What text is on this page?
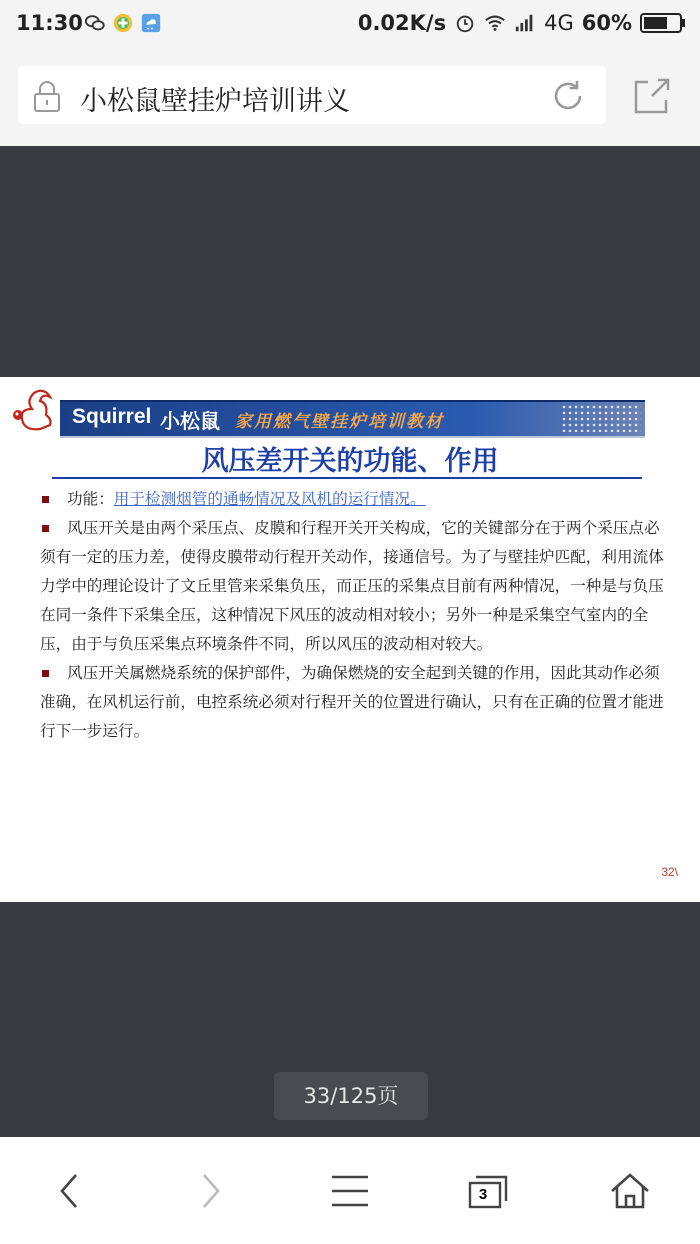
11:30	0.02K/s	4G 60%
小松鼠壁挂炉培训讲义
Squirrel 小松鼠 家用燃气壁挂炉培训教材
风压差开关的功能、作用

功能：用于检测烟管的通畅情况及风机的运行情况。

风压开关是由两个采压点、皮膜和行程开关开关构成，它的关键部分在于两个采压点必须有一定的压力差，使得皮膜带动行程开关动作，接通信号。为了与壁挂炉匹配，利用流体力学中的理论设计了文丘里管来采集负压，而正压的采集点目前有两种情况，一种是与负压在同一条件下采集全压，这种情况下风压的波动相对较小；另外一种是采集空气室内的全压，由于与负压采集点环境条件不同，所以风压的波动相对较大。

风压开关属燃烧系统的保护部件，为确保燃烧的安全起到关键的作用，因此其动作必须准确，在风机运行前，电控系统必须对行程开关的位置进行确认，只有在正确的位置才能进行下一步运行。

32\
33/125页
3
